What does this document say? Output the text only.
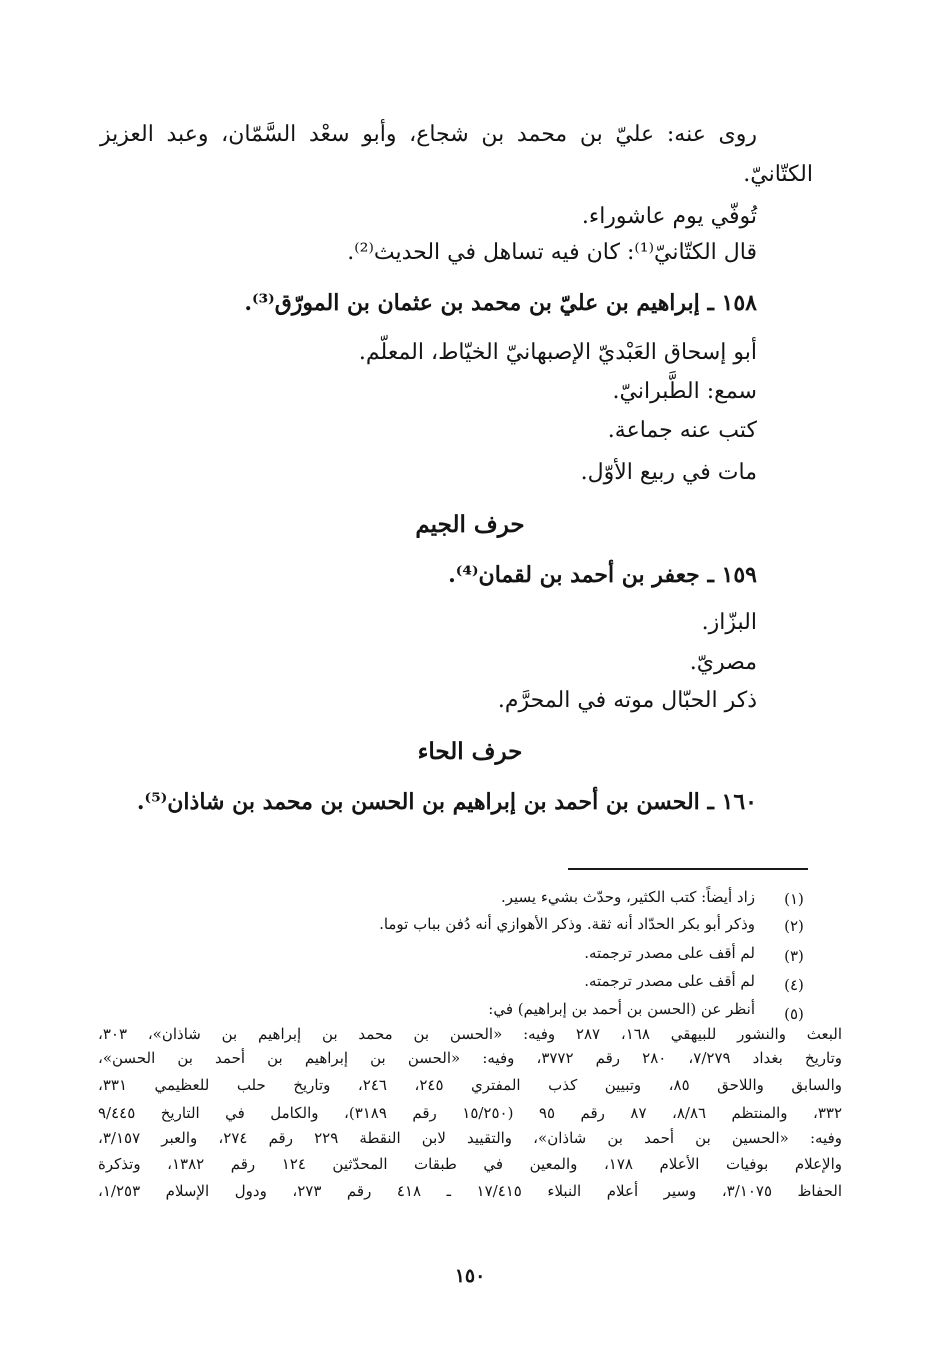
روى عنه: عليّ بن محمد بن شجاع، وأبو سعْد السَّمّان، وعبد العزيز
الكتّانيّ.
تُوفّي يوم عاشوراء.
قال الكتّانيّ⁽¹⁾: كان فيه تساهل في الحديث⁽²⁾.
١٥٨ ـ إبراهيم بن عليّ بن محمد بن عثمان بن المورّق⁽³⁾.
أبو إسحاق العَبْديّ الإصبهانيّ الخيّاط، المعلّم.
سمع: الطَّبرانيّ.
كتب عنه جماعة.
مات في ربيع الأوّل.
حرف الجيم
١٥٩ ـ جعفر بن أحمد بن لقمان⁽⁴⁾.
البزّاز.
مصريّ.
ذكر الحبّال موته في المحرَّم.
حرف الحاء
١٦٠ ـ الحسن بن أحمد بن إبراهيم بن الحسن بن محمد بن شاذان⁽⁵⁾.
(١)
زاد أيضاً: كتب الكثير، وحدّث بشيء يسير.
(٢)
وذكر أبو بكر الحدّاد أنه ثقة. وذكر الأهوازي أنه دُفن بباب توما.
(٣)
لم أقف على مصدر ترجمته.
(٤)
لم أقف على مصدر ترجمته.
(٥)
أنظر عن (الحسن بن أحمد بن إبراهيم) في:
البعث والنشور للبيهقي ١٦٨، ٢٨٧ وفيه: «الحسن بن محمد بن إبراهيم بن شاذان»، ٣٠٣،
وتاريخ بغداد ٧/٢٧٩، ٢٨٠ رقم ٣٧٧٢، وفيه: «الحسن بن إبراهيم بن أحمد بن الحسن»،
والسابق واللاحق ٨٥، وتبيين كذب المفتري ٢٤٥، ٢٤٦، وتاريخ حلب للعظيمي ٣٣١،
٣٣٢، والمنتظم ٨/٨٦، ٨٧ رقم ٩٥ (١٥/٢٥٠ رقم ٣١٨٩)، والكامل في التاريخ ٩/٤٤٥
وفيه: «الحسين بن أحمد بن شاذان»، والتقييد لابن النقطة ٢٢٩ رقم ٢٧٤، والعبر ٣/١٥٧،
والإعلام بوفيات الأعلام ١٧٨، والمعين في طبقات المحدّثين ١٢٤ رقم ١٣٨٢، وتذكرة
الحفاظ ٣/١٠٧٥، وسير أعلام النبلاء ١٧/٤١٥ ـ ٤١٨ رقم ٢٧٣، ودول الإسلام ١/٢٥٣،
١٥٠
